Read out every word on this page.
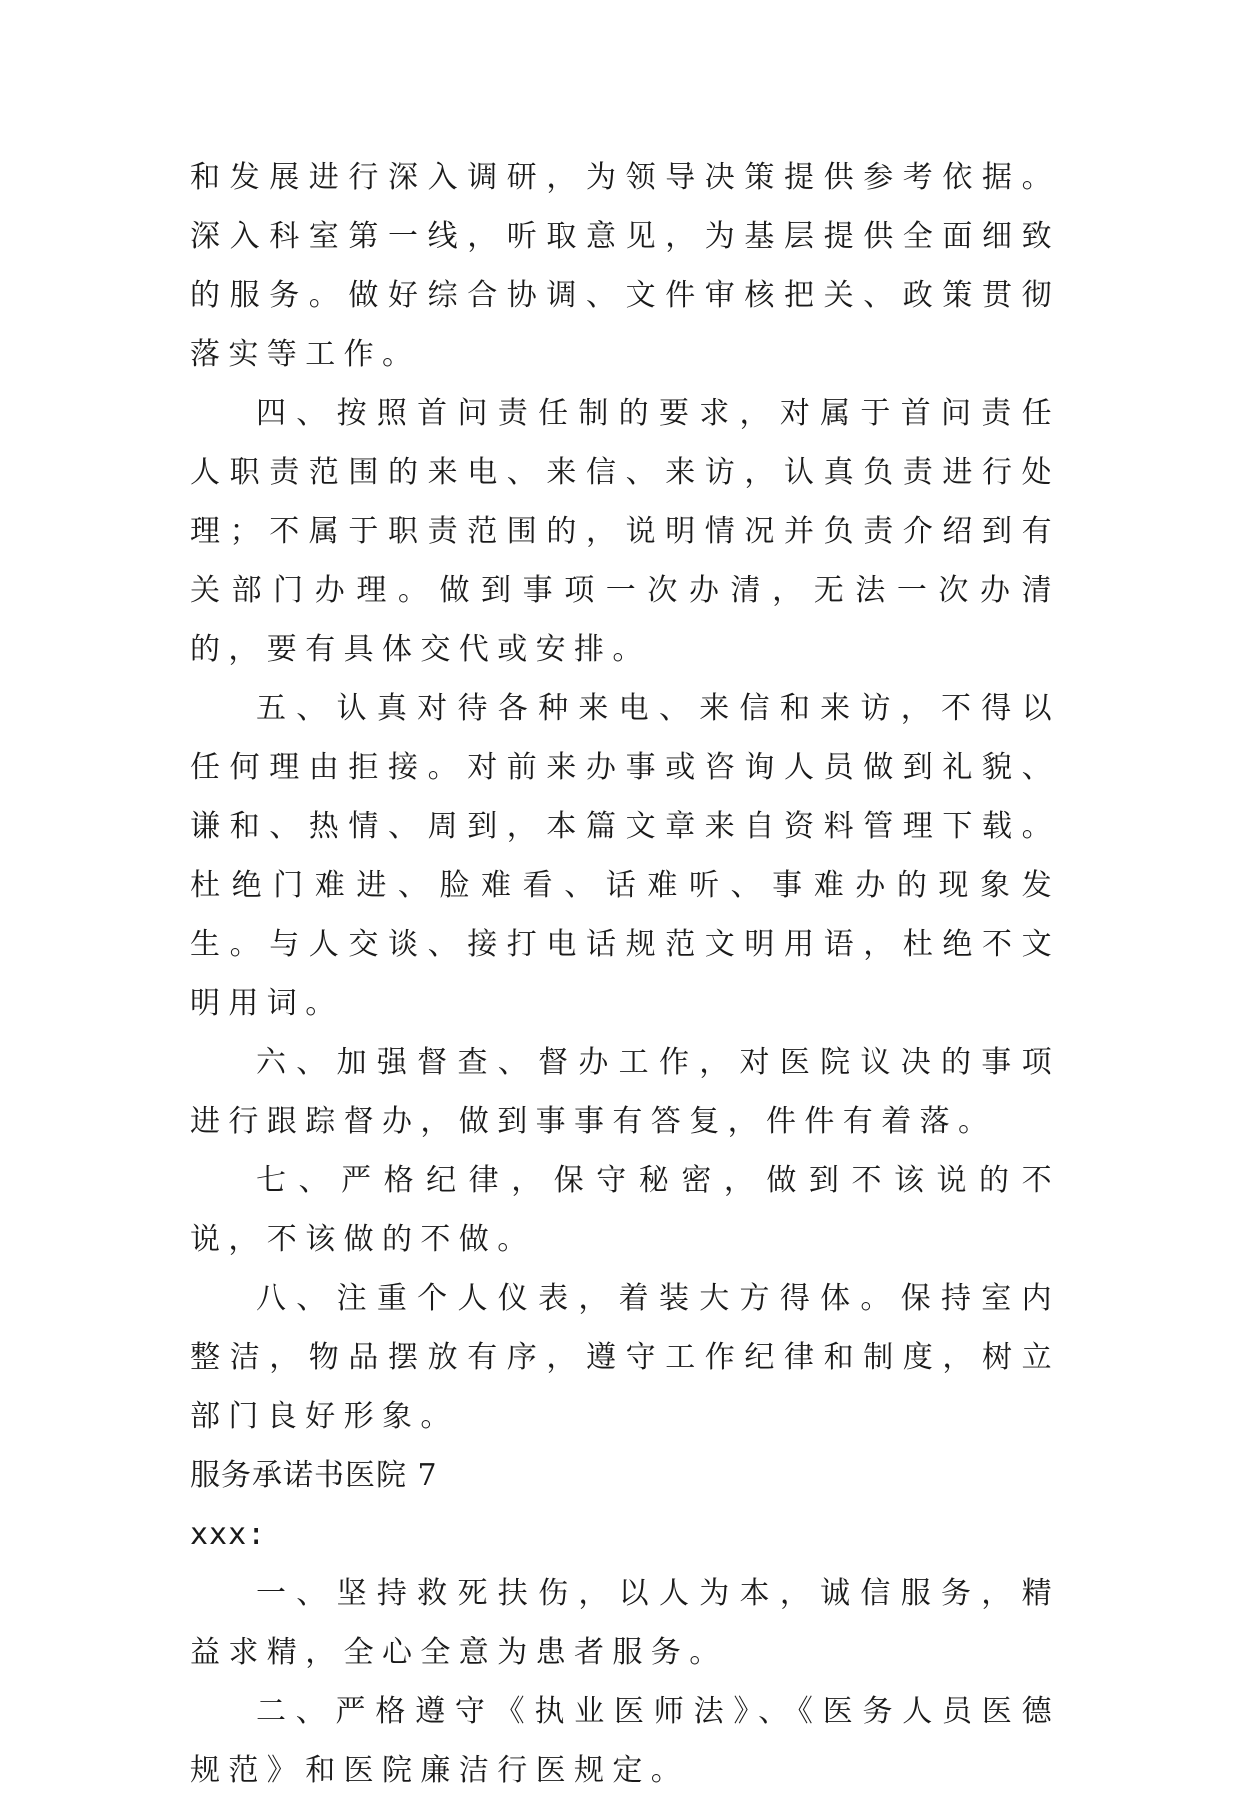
和发展进行深入调研，为领导决策提供参考依据。深入科室第一线，听取意见，为基层提供全面细致的服务。做好综合协调、文件审核把关、政策贯彻落实等工作。

四、按照首问责任制的要求，对属于首问责任人职责范围的来电、来信、来访，认真负责进行处理；不属于职责范围的，说明情况并负责介绍到有关部门办理。做到事项一次办清，无法一次办清的，要有具体交代或安排。

五、认真对待各种来电、来信和来访，不得以任何理由拒接。对前来办事或咨询人员做到礼貌、谦和、热情、周到，本篇文章来自资料管理下载。杜绝门难进、脸难看、话难听、事难办的现象发生。与人交谈、接打电话规范文明用语，杜绝不文明用词。

六、加强督查、督办工作，对医院议决的事项进行跟踪督办，做到事事有答复，件件有着落。

七、严格纪律，保守秘密，做到不该说的不说，不该做的不做。

八、注重个人仪表，着装大方得体。保持室内整洁，物品摆放有序，遵守工作纪律和制度，树立部门良好形象。

服务承诺书医院 7

xxx:

一、坚持救死扶伤，以人为本，诚信服务，精益求精，全心全意为患者服务。

二、严格遵守《执业医师法》、《医务人员医德规范》和医院廉洁行医规定。
